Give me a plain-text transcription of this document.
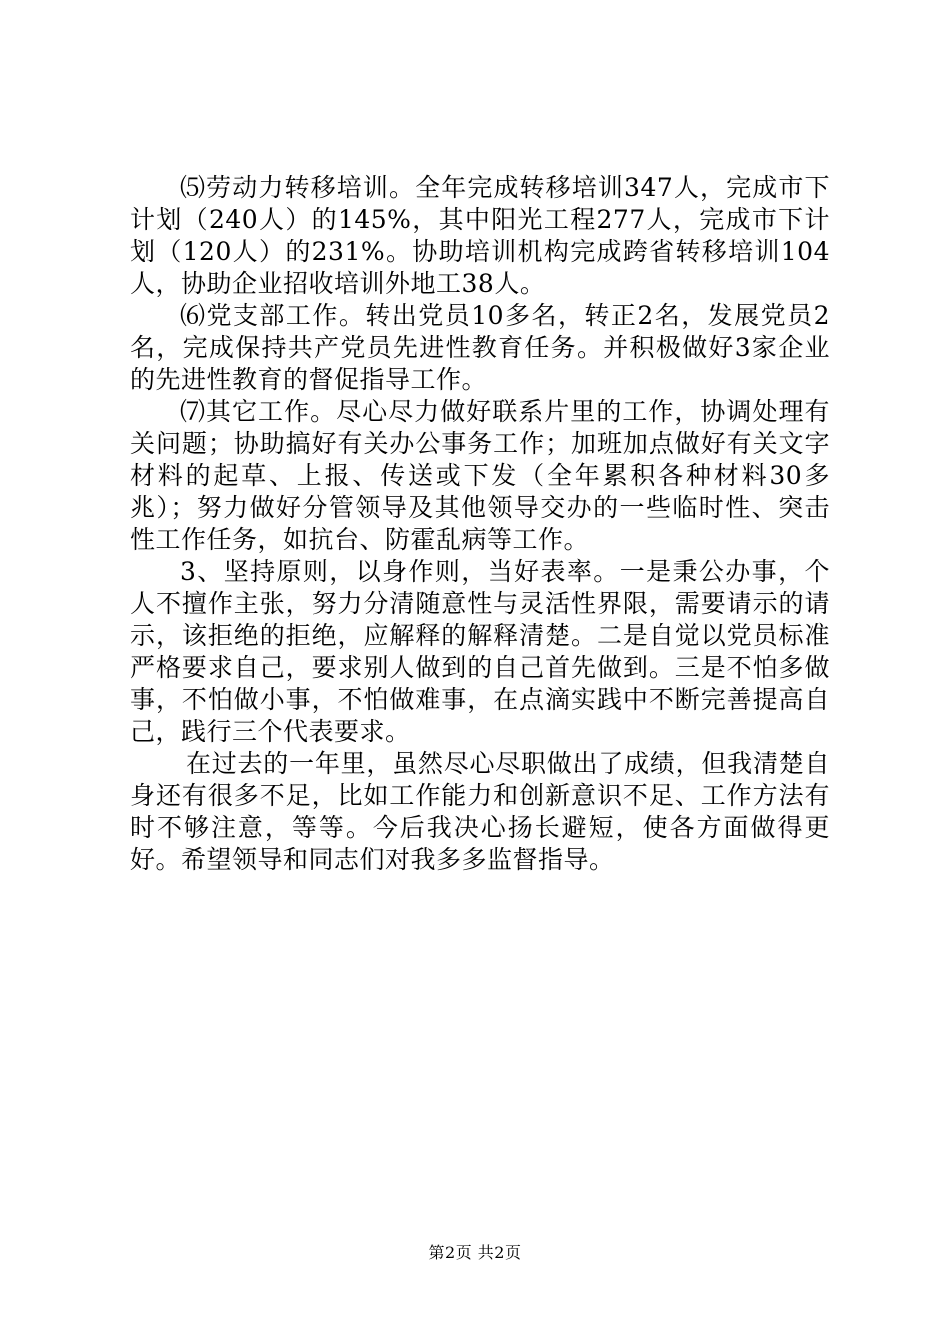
⑸劳动力转移培训。全年完成转移培训347人，完成市下计划（240人）的145%，其中阳光工程277人，完成市下计划（120人）的231%。协助培训机构完成跨省转移培训104人，协助企业招收培训外地工38人。

⑹党支部工作。转出党员10多名，转正2名，发展党员2名，完成保持共产党员先进性教育任务。并积极做好3家企业的先进性教育的督促指导工作。

⑺其它工作。尽心尽力做好联系片里的工作，协调处理有关问题；协助搞好有关办公事务工作；加班加点做好有关文字材料的起草、上报、传送或下发（全年累积各种材料30多兆）；努力做好分管领导及其他领导交办的一些临时性、突击性工作任务，如抗台、防霍乱病等工作。

3、坚持原则，以身作则，当好表率。一是秉公办事，个人不擅作主张，努力分清随意性与灵活性界限，需要请示的请示，该拒绝的拒绝，应解释的解释清楚。二是自觉以党员标准严格要求自己，要求别人做到的自己首先做到。三是不怕多做事，不怕做小事，不怕做难事，在点滴实践中不断完善提高自己，践行三个代表要求。

在过去的一年里，虽然尽心尽职做出了成绩，但我清楚自身还有很多不足，比如工作能力和创新意识不足、工作方法有时不够注意，等等。今后我决心扬长避短，使各方面做得更好。希望领导和同志们对我多多监督指导。

第2页 共2页
